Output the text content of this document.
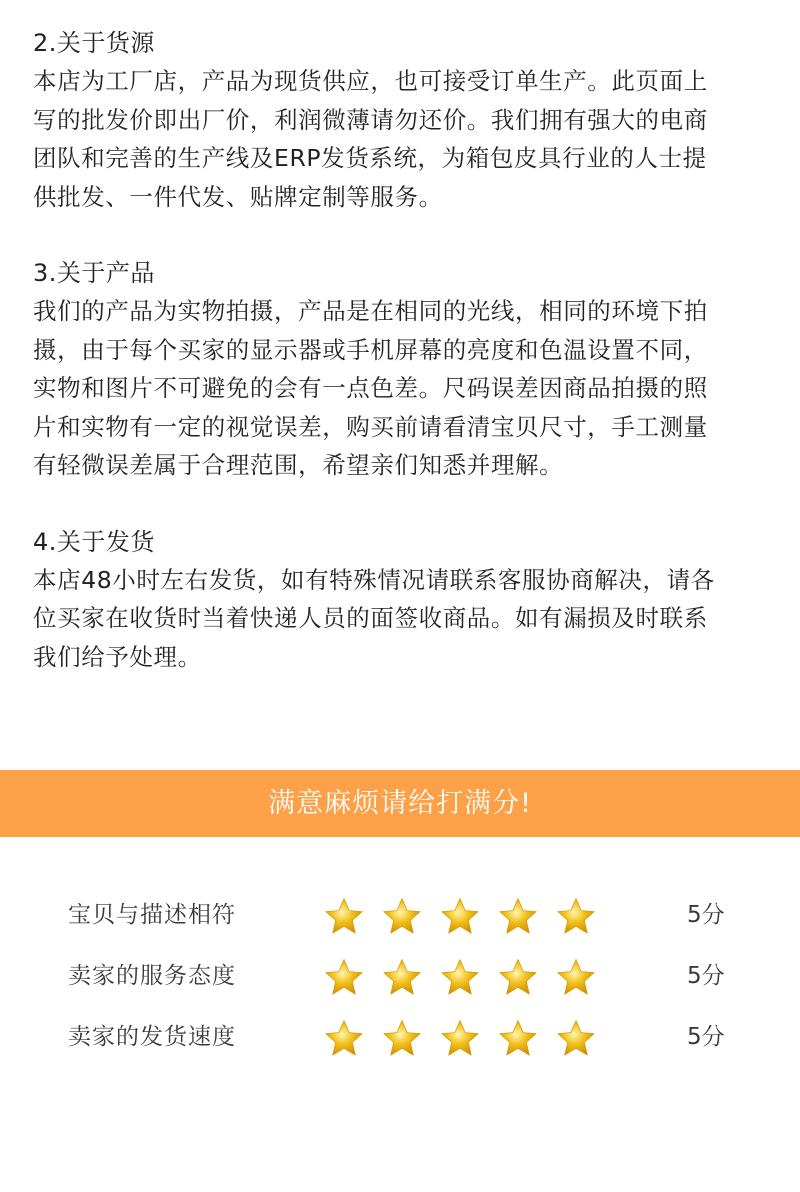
2.关于货源
本店为工厂店，产品为现货供应，也可接受订单生产。此页面上
写的批发价即出厂价，利润微薄请勿还价。我们拥有强大的电商
团队和完善的生产线及ERP发货系统，为箱包皮具行业的人士提
供批发、一件代发、贴牌定制等服务。
3.关于产品
我们的产品为实物拍摄，产品是在相同的光线，相同的环境下拍
摄，由于每个买家的显示器或手机屏幕的亮度和色温设置不同，
实物和图片不可避免的会有一点色差。尺码误差因商品拍摄的照
片和实物有一定的视觉误差，购买前请看清宝贝尺寸，手工测量
有轻微误差属于合理范围，希望亲们知悉并理解。
4.关于发货
本店48小时左右发货，如有特殊情况请联系客服协商解决，请各
位买家在收货时当着快递人员的面签收商品。如有漏损及时联系
我们给予处理。
满意麻烦请给打满分!
宝贝与描述相符	5分
卖家的服务态度	5分
卖家的发货速度	5分
